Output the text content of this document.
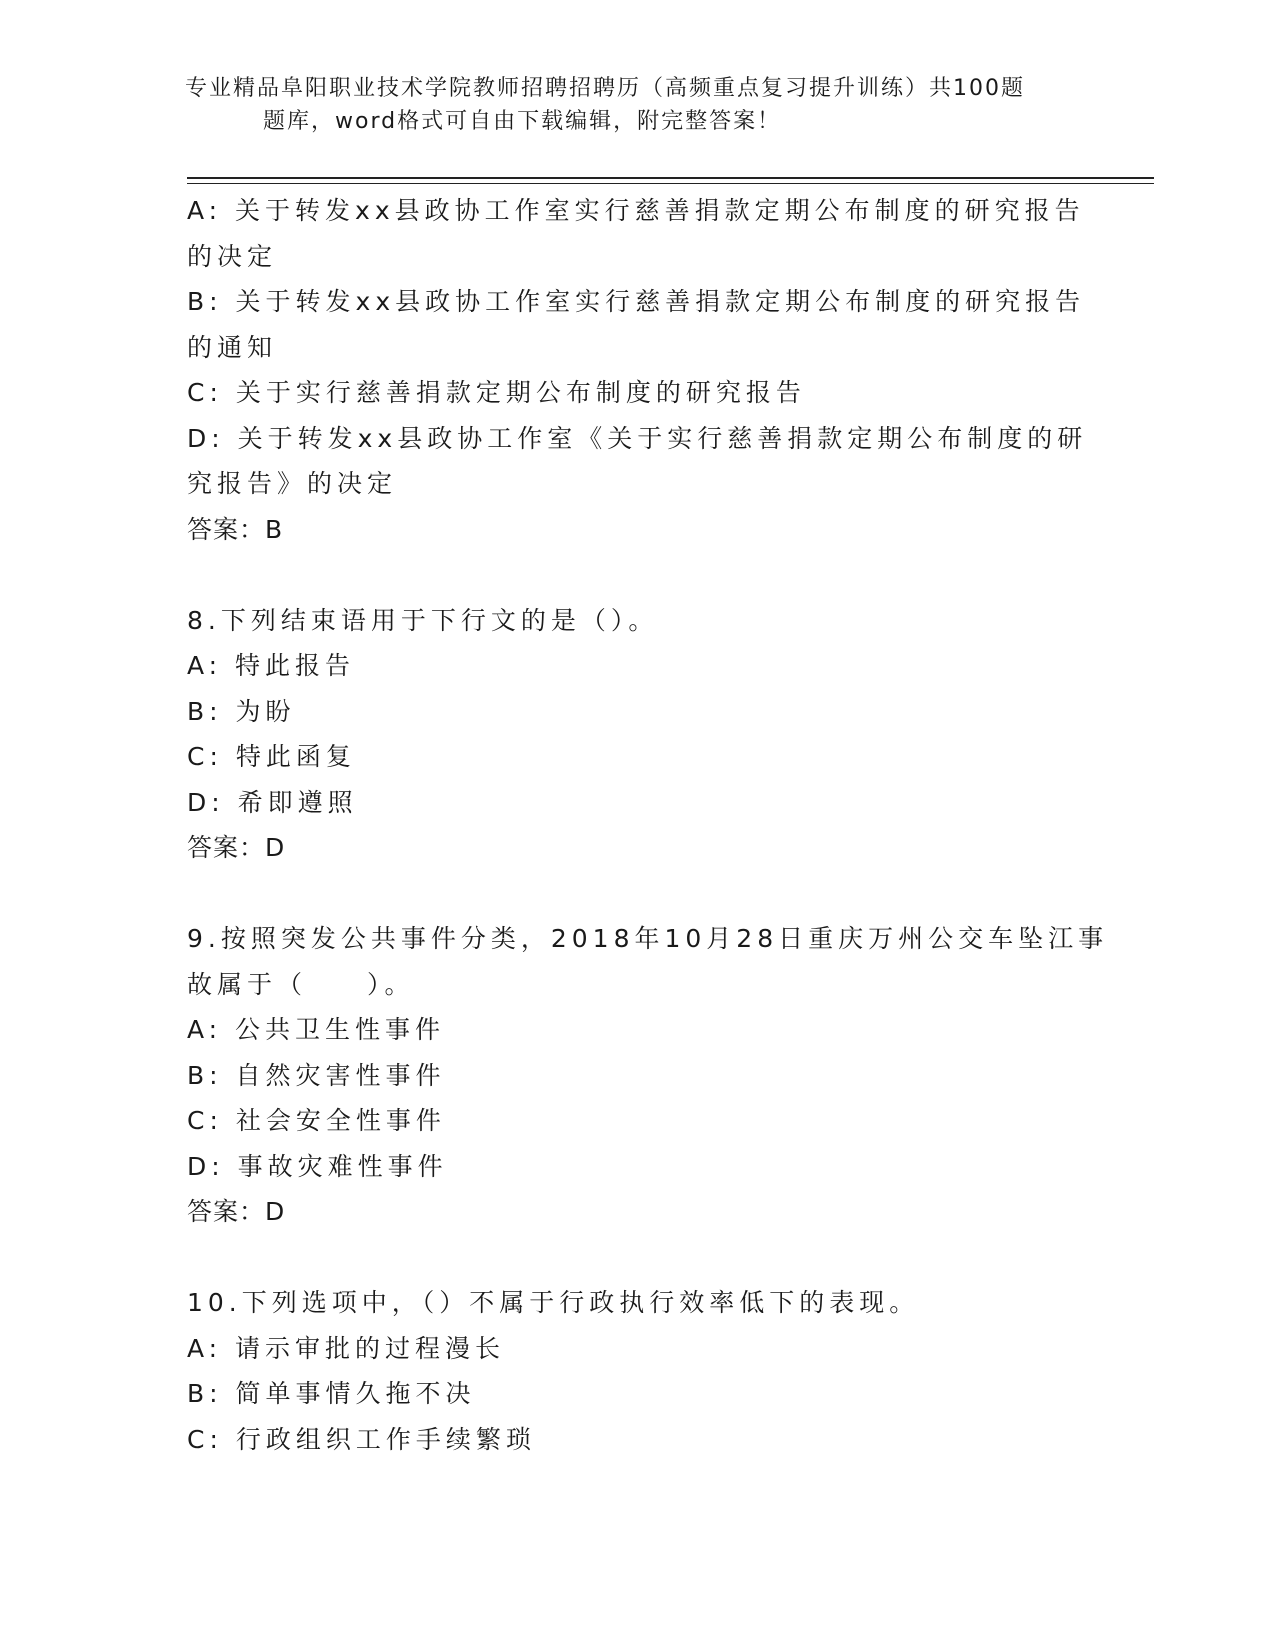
专业精品阜阳职业技术学院教师招聘招聘历（高频重点复习提升训练）共100题
题库，word格式可自由下载编辑，附完整答案！
A: 关于转发xx县政协工作室实行慈善捐款定期公布制度的研究报告
的决定
B: 关于转发xx县政协工作室实行慈善捐款定期公布制度的研究报告
的通知
C: 关于实行慈善捐款定期公布制度的研究报告
D: 关于转发xx县政协工作室《关于实行慈善捐款定期公布制度的研
究报告》的决定
答案：B
8.下列结束语用于下行文的是（）。
A: 特此报告
B: 为盼
C: 特此函复
D: 希即遵照
答案：D
9.按照突发公共事件分类，2018年10月28日重庆万州公交车坠江事
故属于（　　）。
A: 公共卫生性事件
B: 自然灾害性事件
C: 社会安全性事件
D: 事故灾难性事件
答案：D
10.下列选项中，（）不属于行政执行效率低下的表现。
A: 请示审批的过程漫长
B: 简单事情久拖不决
C: 行政组织工作手续繁琐
